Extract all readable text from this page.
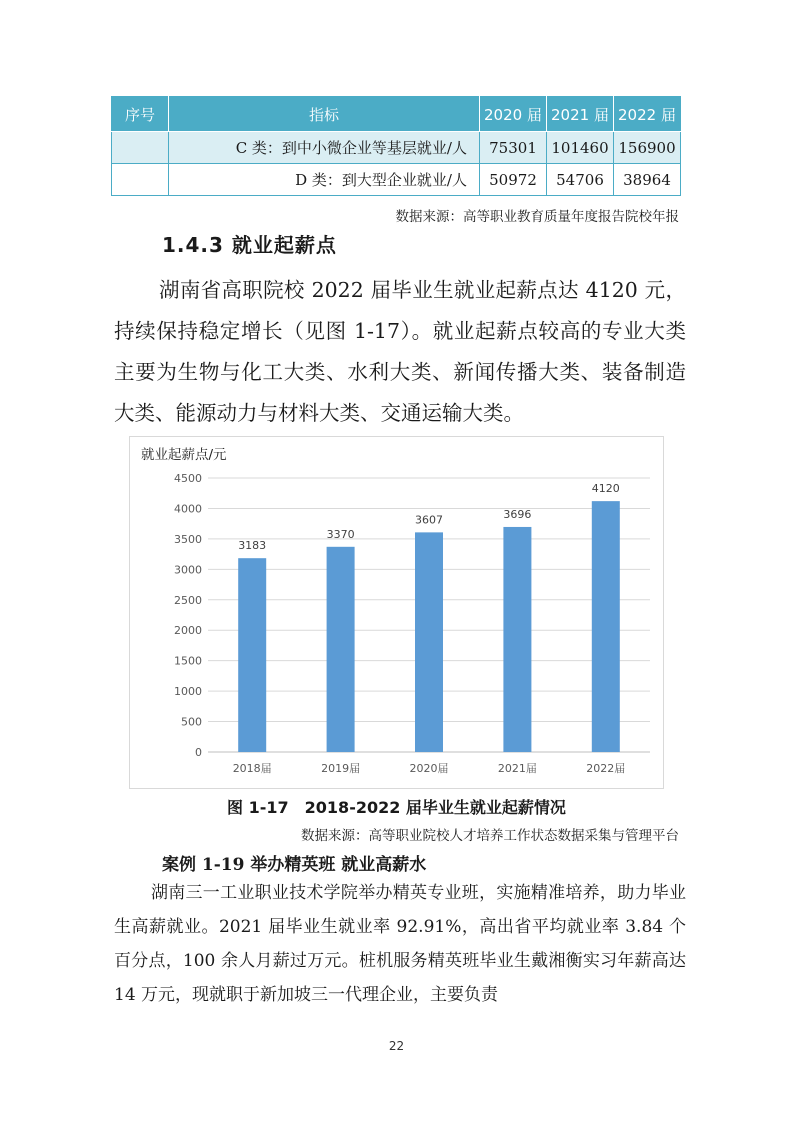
序号	指标	2020 届	2021 届	2022 届
	C 类：到中小微企业等基层就业/人	75301	101460	156900
	D 类：到大型企业就业/人	50972	54706	38964
数据来源：高等职业教育质量年度报告院校年报
1.4.3 就业起薪点

湖南省高职院校 2022 届毕业生就业起薪点达 4120 元，持续保持稳定增长（见图 1-17）。就业起薪点较高的专业大类主要为生物与化工大类、水利大类、新闻传播大类、装备制造大类、能源动力与材料大类、交通运输大类。

就业起薪点/元
0
500
1000
1500
2000
2500
3000
3500
4000
4500
3183
2018届
3370
2019届
3607
2020届
3696
2021届
4120
2022届
图 1-17　2018-2022 届毕业生就业起薪情况
数据来源：高等职业院校人才培养工作状态数据采集与管理平台
案例 1-19 举办精英班 就业高薪水

湖南三一工业职业技术学院举办精英专业班，实施精准培养，助力毕业生高薪就业。2021 届毕业生就业率 92.91%，高出省平均就业率 3.84 个百分点，100 余人月薪过万元。桩机服务精英班毕业生戴湘衡实习年薪高达 14 万元，现就职于新加坡三一代理企业，主要负责

22
